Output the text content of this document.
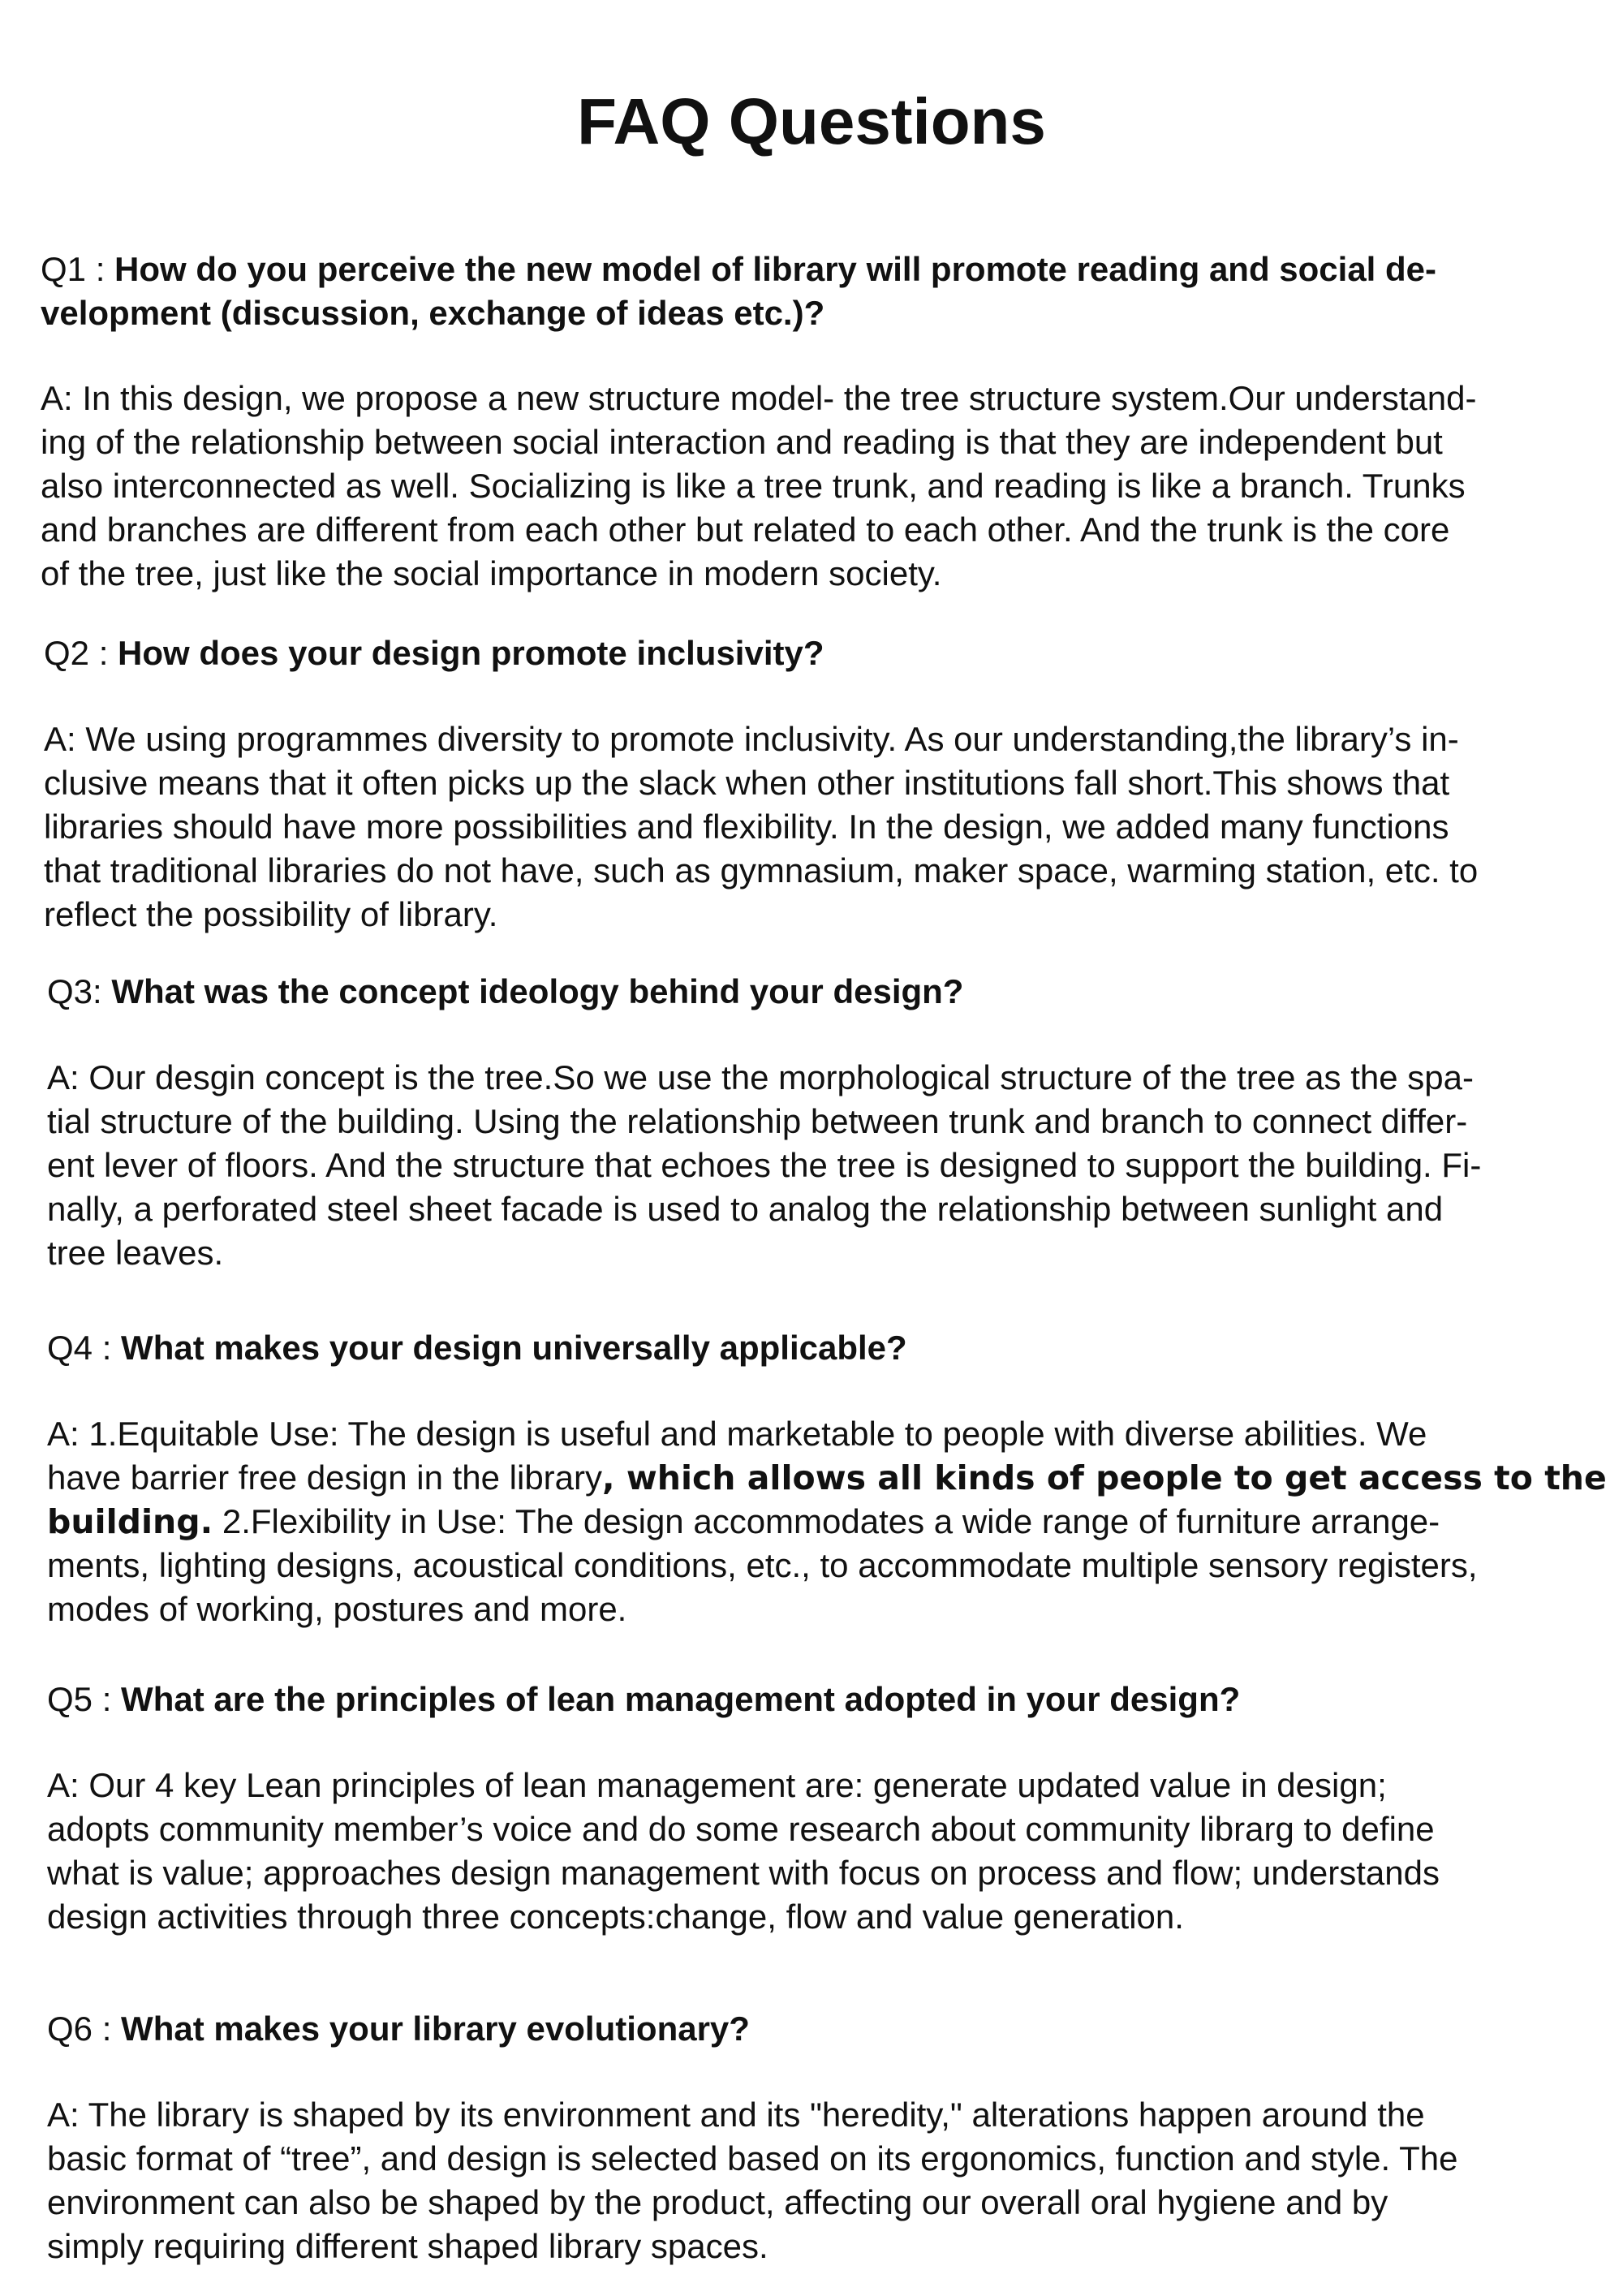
FAQ Questions

Q1 : How do you perceive the new model of library will promote reading and social de-
velopment (discussion, exchange of ideas etc.)?

A: In this design, we propose a new structure model- the tree structure system.Our understand-
ing of the relationship between social interaction and reading is that they are independent but
also interconnected as well. Socializing is like a tree trunk, and reading is like a branch. Trunks
and branches are different from each other but related to each other. And the trunk is the core
of the tree, just like the social importance in modern society.

Q2 : How does your design promote inclusivity?

A: We using programmes diversity to promote inclusivity. As our understanding,the library’s in-
clusive means that it often picks up the slack when other institutions fall short.This shows that
libraries should have more possibilities and flexibility. In the design, we added many functions
that traditional libraries do not have, such as gymnasium, maker space, warming station, etc. to
reflect the possibility of library.

Q3: What was the concept ideology behind your design?

A: Our desgin concept is the tree.So we use the morphological structure of the tree as the spa-
tial structure of the building. Using the relationship between trunk and branch to connect differ-
ent lever of floors. And the structure that echoes the tree is designed to support the building. Fi-
nally, a perforated steel sheet facade is used to analog the relationship between sunlight and
tree leaves.

Q4 : What makes your design universally applicable?

A: 1.Equitable Use: The design is useful and marketable to people with diverse abilities. We
have barrier free design in the library, which allows all kinds of people to get access to the
building. 2.Flexibility in Use: The design accommodates a wide range of furniture arrange-
ments, lighting designs, acoustical conditions, etc., to accommodate multiple sensory registers,
modes of working, postures and more.

Q5 : What are the principles of lean management adopted in your design?

A: Our 4 key Lean principles of lean management are: generate updated value in design;
adopts community member’s voice and do some research about community librarg to define
what is value; approaches design management with focus on process and flow; understands
design activities through three concepts:change, flow and value generation.

Q6 : What makes your library evolutionary?

A: The library is shaped by its environment and its "heredity," alterations happen around the
basic format of “tree”, and design is selected based on its ergonomics, function and style. The
environment can also be shaped by the product, affecting our overall oral hygiene and by
simply requiring different shaped library spaces.
